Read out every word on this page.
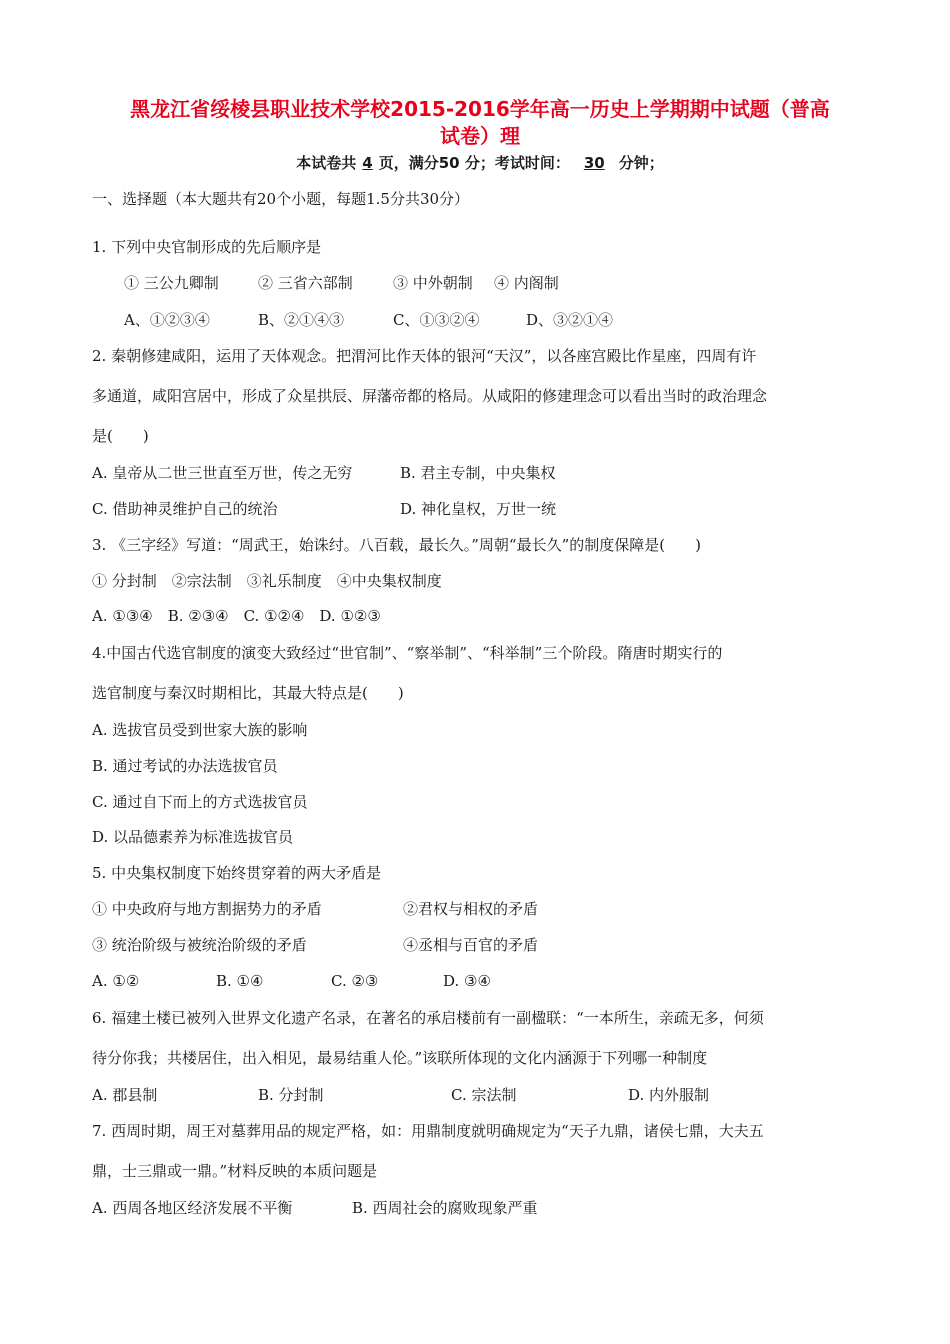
黑龙江省绥棱县职业技术学校2015-2016学年高一历史上学期期中试题（普高
试卷）理
本试卷共 4 页，满分50 分；考试时间： 30 分钟；
一、选择题（本大题共有20个小题，每题1.5分共30分）
1. 下列中央官制形成的先后顺序是
① 三公九卿制	② 三省六部制	③ 中外朝制 ④ 内阁制
A、①②③④	B、②①④③	C、①③②④	D、③②①④
2. 秦朝修建咸阳，运用了天体观念。把渭河比作天体的银河“天汉”，以各座宫殿比作星座，四周有许
多通道，咸阳宫居中，形成了众星拱辰、屏藩帝都的格局。从咸阳的修建理念可以看出当时的政治理念
是(　　)
A. 皇帝从二世三世直至万世，传之无穷	B. 君主专制，中央集权
C. 借助神灵维护自己的统治	D. 神化皇权，万世一统
3. 《三字经》写道：“周武王，始诛纣。八百载，最长久。”周朝“最长久”的制度保障是(　　)
① 分封制　②宗法制　③礼乐制度　④中央集权制度
A. ①③④　B. ②③④　C. ①②④　D. ①②③
4.中国古代选官制度的演变大致经过“世官制”、“察举制”、“科举制”三个阶段。隋唐时期实行的
选官制度与秦汉时期相比，其最大特点是(　　)
A. 选拔官员受到世家大族的影响
B. 通过考试的办法选拔官员
C. 通过自下而上的方式选拔官员
D. 以品德素养为标准选拔官员
5. 中央集权制度下始终贯穿着的两大矛盾是
① 中央政府与地方割据势力的矛盾	②君权与相权的矛盾
③ 统治阶级与被统治阶级的矛盾	④丞相与百官的矛盾
A. ①②	B. ①④	C. ②③	D. ③④
6. 福建土楼已被列入世界文化遗产名录，在著名的承启楼前有一副楹联：“一本所生，亲疏无多，何须
待分你我；共楼居住，出入相见，最易结重人伦。”该联所体现的文化内涵源于下列哪一种制度
A. 郡县制	B. 分封制	C. 宗法制	D. 内外服制
7. 西周时期，周王对墓葬用品的规定严格，如：用鼎制度就明确规定为“天子九鼎，诸侯七鼎，大夫五
鼎，士三鼎或一鼎。”材料反映的本质问题是
A. 西周各地区经济发展不平衡	B. 西周社会的腐败现象严重
